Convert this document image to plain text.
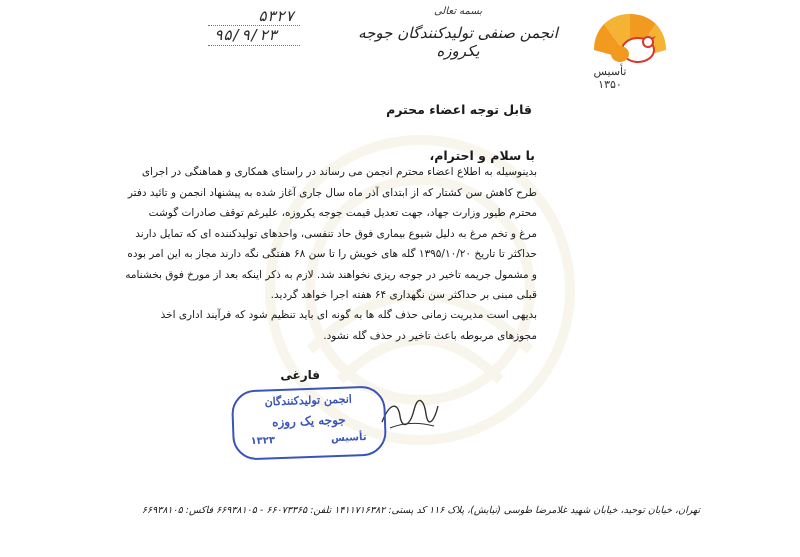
۵۳۲۷
۹۵/۹/۲۳
بسمه تعالی
انجمن صنفی تولیدکنندگان جوجه یکروزه
تأسیس ۱۳۵۰
قابل توجه اعضاء محترم
با سلام و احترام،

بدینوسیله به اطلاع اعضاء محترم انجمن می رساند در راستای همکاری و هماهنگی در اجرای

طرح کاهش سن کشتار که از ابتدای آذر ماه سال جاری آغاز شده به پیشنهاد انجمن و تائید دفتر

محترم طیور وزارت جهاد، جهت تعدیل قیمت جوجه یکروزه، علیرغم توقف صادرات گوشت

مرغ و تخم مرغ به دلیل شیوع بیماری فوق حاد تنفسی، واحدهای تولیدکننده ای که تمایل دارند

حداکثر تا تاریخ ۱۳۹۵/۱۰/۲۰ گله های خویش را تا سن ۶۸ هفتگی نگه دارند مجاز به این امر بوده

و مشمول جریمه تاخیر در جوجه ریزی نخواهند شد. لازم به ذکر اینکه بعد از مورخ فوق بخشنامه

قبلی مبنی بر حداکثر سن نگهداری ۶۴ هفته اجرا خواهد گردید.

بدیهی است مدیریت زمانی حذف گله ها به گونه ای باید تنظیم شود که فرآیند اداری اخذ

مجوزهای مربوطه باعث تاخیر در حذف گله نشود.

فارغی
انجمن تولیدکنندگان
جوجه یک روزه
۱۳۲۳	تأسیس
تهران، خیابان توحید، خیابان شهید غلامرضا طوسی (نیایش)، پلاک ۱۱۶ کد پستی: ۱۴۱۱۷۱۶۳۸۲ تلفن: ۶۶۰۷۳۳۶۵ - ۶۶۹۳۸۱۰۵ فاکس: ۶۶۹۳۸۱۰۵
